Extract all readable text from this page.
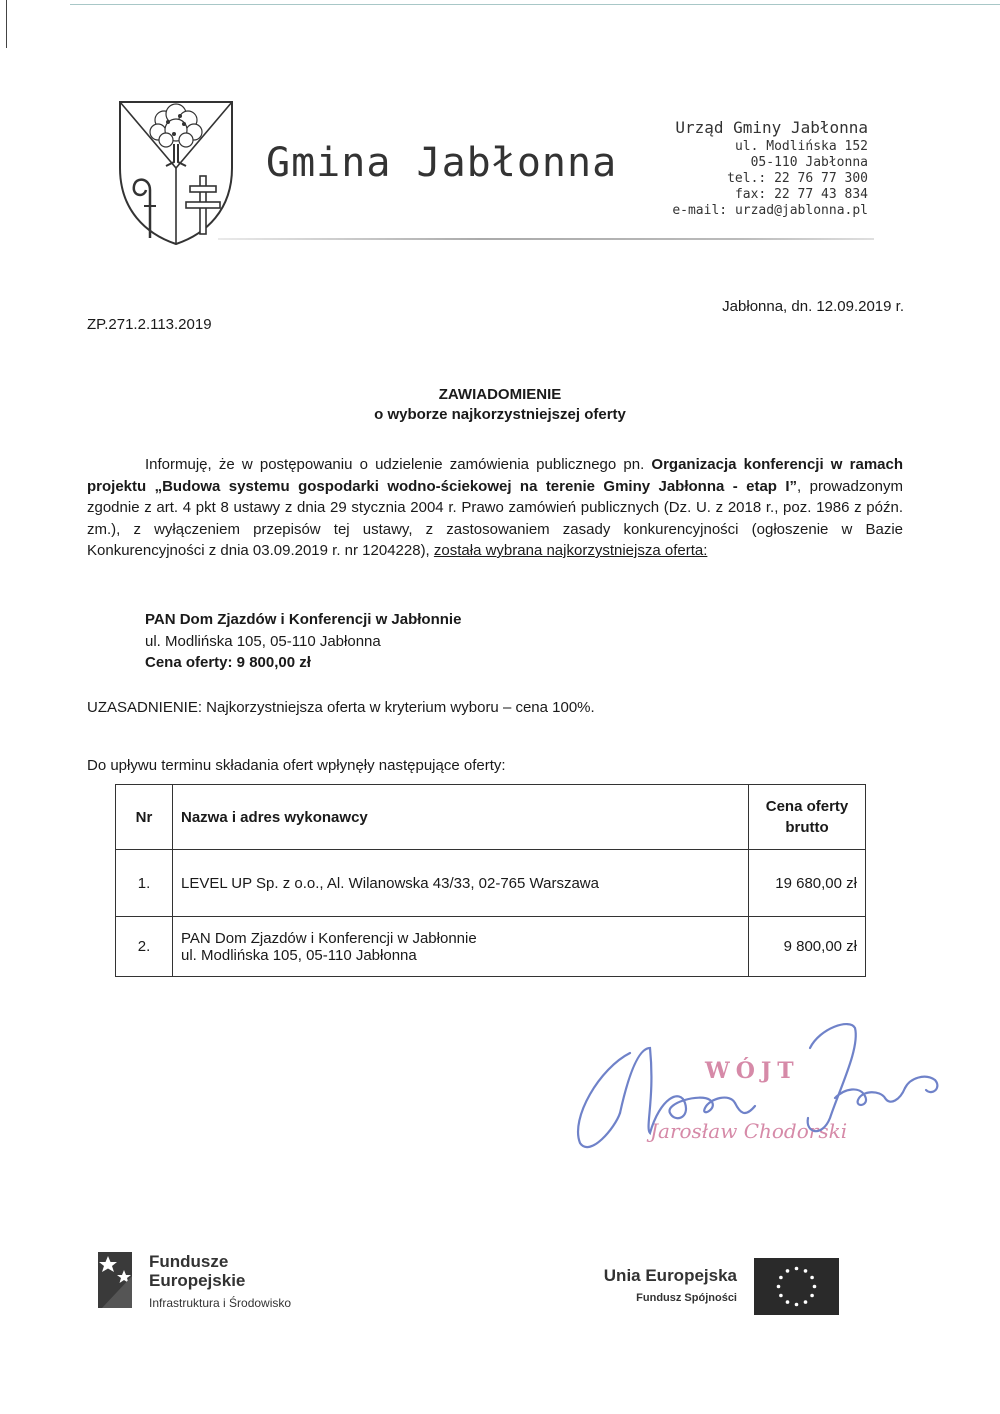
Gmina Jabłonna
Urząd Gminy Jabłonna
ul. Modlińska 152
05-110 Jabłonna
tel.: 22 76 77 300
fax: 22 77 43 834
e-mail: urzad@jablonna.pl
Jabłonna, dn. 12.09.2019 r.
ZP.271.2.113.2019
ZAWIADOMIENIE
o wyborze najkorzystniejszej oferty

Informuję, że w postępowaniu o udzielenie zamówienia publicznego pn. Organizacja konferencji w ramach projektu „Budowa systemu gospodarki wodno-ściekowej na terenie Gminy Jabłonna - etap I”, prowadzonym zgodnie z art. 4 pkt 8 ustawy z dnia 29 stycznia 2004 r. Prawo zamówień publicznych (Dz. U. z 2018 r., poz. 1986 z późn. zm.), z wyłączeniem przepisów tej ustawy, z zastosowaniem zasady konkurencyjności (ogłoszenie w Bazie Konkurencyjności z dnia 03.09.2019 r. nr 1204228), została wybrana najkorzystniejsza oferta:

PAN Dom Zjazdów i Konferencji w Jabłonnie
ul. Modlińska 105, 05-110 Jabłonna
Cena oferty: 9 800,00 zł
UZASADNIENIE: Najkorzystniejsza oferta w kryterium wyboru – cena 100%.
Do upływu terminu składania ofert wpłynęły następujące oferty:
Nr	Nazwa i adres wykonawcy	Cena oferty
brutto
1.	LEVEL UP Sp. z o.o., Al. Wilanowska 43/33, 02-765 Warszawa	19 680,00 zł
2.	PAN Dom Zjazdów i Konferencji w Jabłonnie
ul. Modlińska 105, 05-110 Jabłonna	9 800,00 zł
WÓJT
Jarosław Chodorski
Fundusze
Europejskie
Infrastruktura i Środowisko
Unia Europejska
Fundusz Spójności
